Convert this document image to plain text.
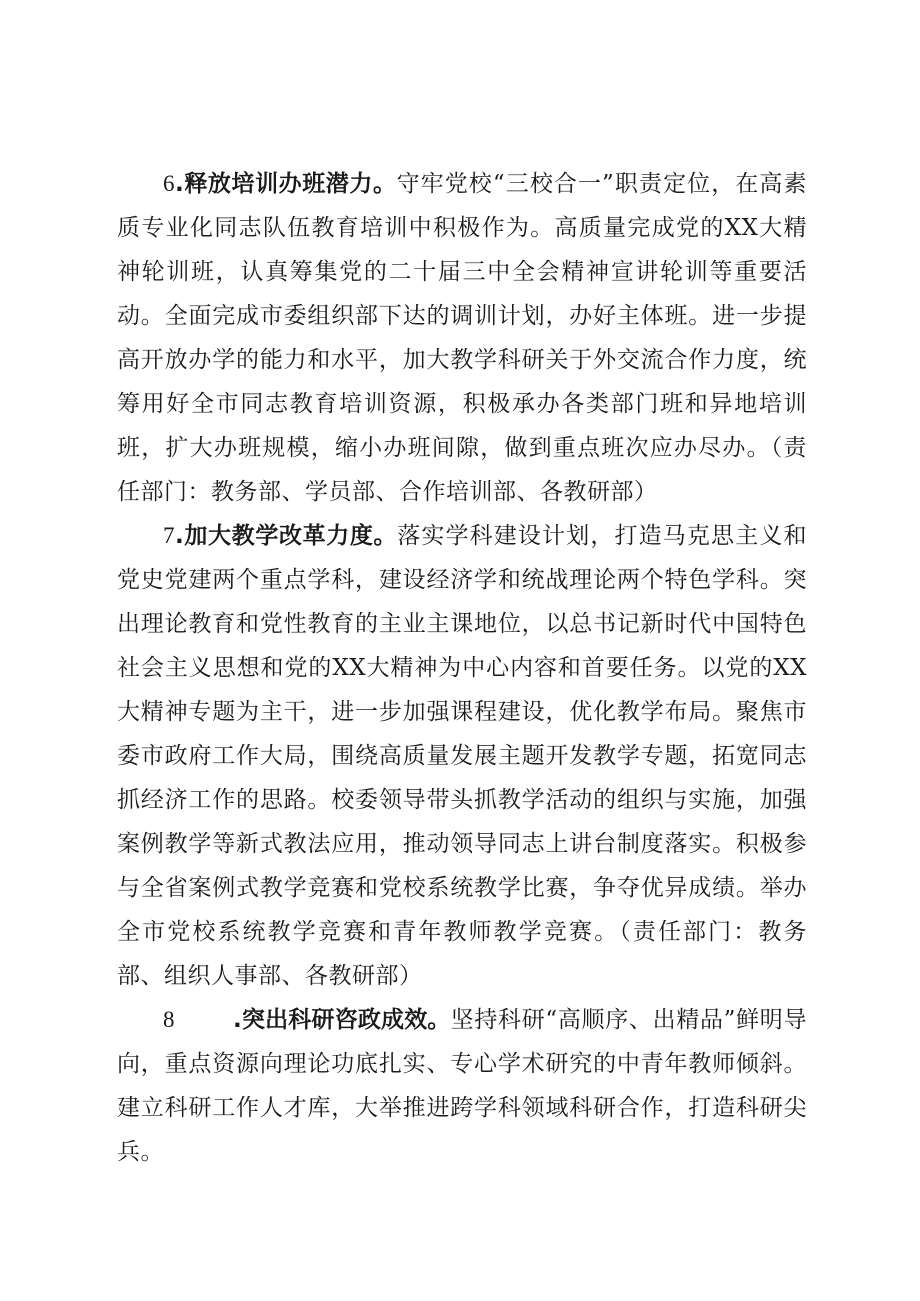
6.释放培训办班潜力。守牢党校“三校合一”职责定位，在高素质专业化同志队伍教育培训中积极作为。高质量完成党的XX大精神轮训班，认真筹集党的二十届三中全会精神宣讲轮训等重要活动。全面完成市委组织部下达的调训计划，办好主体班。进一步提高开放办学的能力和水平，加大教学科研关于外交流合作力度，统筹用好全市同志教育培训资源，积极承办各类部门班和异地培训班，扩大办班规模，缩小办班间隙，做到重点班次应办尽办。（责任部门：教务部、学员部、合作培训部、各教研部）

7.加大教学改革力度。落实学科建设计划，打造马克思主义和党史党建两个重点学科，建设经济学和统战理论两个特色学科。突出理论教育和党性教育的主业主课地位，以总书记新时代中国特色社会主义思想和党的XX大精神为中心内容和首要任务。以党的XX大精神专题为主干，进一步加强课程建设，优化教学布局。聚焦市委市政府工作大局，围绕高质量发展主题开发教学专题，拓宽同志抓经济工作的思路。校委领导带头抓教学活动的组织与实施，加强案例教学等新式教法应用，推动领导同志上讲台制度落实。积极参与全省案例式教学竞赛和党校系统教学比赛，争夺优异成绩。举办全市党校系统教学竞赛和青年教师教学竞赛。（责任部门：教务部、组织人事部、各教研部）

8	.突出科研咨政成效。坚持科研“高顺序、出精品”鲜明导向，重点资源向理论功底扎实、专心学术研究的中青年教师倾斜。建立科研工作人才库，大举推进跨学科领域科研合作，打造科研尖兵。
